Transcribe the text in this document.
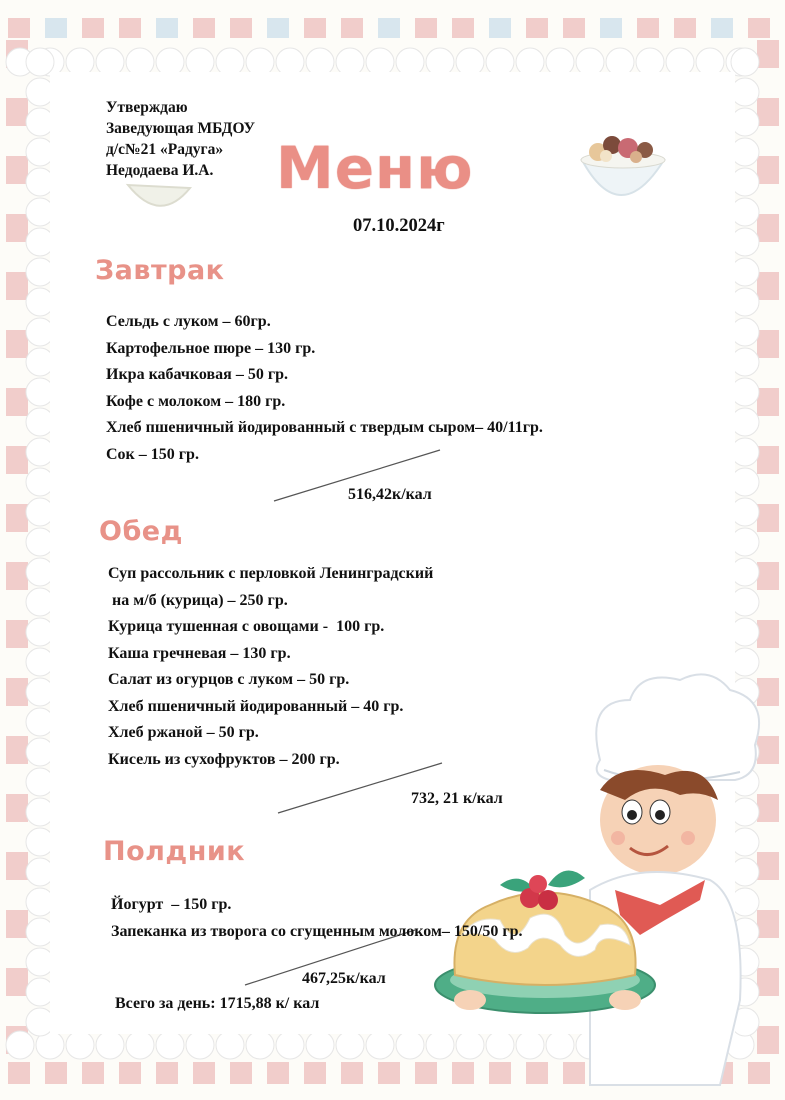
Утверждаю
Заведующая МБДОУ
д/с№21 «Радуга»
Недодаева И.А.	Меню
07.10.2024г
Завтрак
Сельдь с луком – 60гр.
Картофельное пюре – 130 гр.
Икра кабачковая – 50 гр.
Кофе с молоком – 180 гр.
Хлеб пшеничный йодированный с твердым сыром– 40/11гр.
Сок – 150 гр.
516,42к/кал
Обед
Суп рассольник с перловкой Ленинградский
на м/б (курица) – 250 гр.
Курица тушенная с овощами -  100 гр.
Каша гречневая – 130 гр.
Салат из огурцов с луком – 50 гр.
Хлеб пшеничный йодированный – 40 гр.
Хлеб ржаной – 50 гр.
Кисель из сухофруктов – 200 гр.
732, 21 к/кал
Полдник
Йогурт  – 150 гр.
Запеканка из творога со сгущенным молоком– 150/50 гр.
467,25к/кал
Всего за день: 1715,88 к/ кал
